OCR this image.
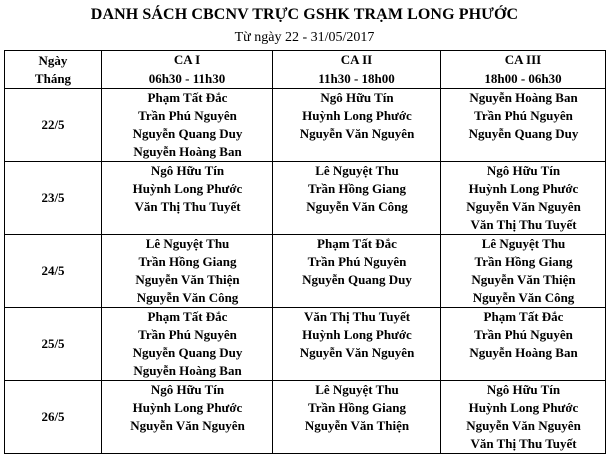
DANH SÁCH CBCNV TRỰC GSHK TRẠM LONG PHƯỚC
Từ ngày 22 - 31/05/2017
Ngày
Tháng	CA I	CA II	CA III
	06h30 - 11h30	11h30 - 18h00	18h00 - 06h30
22/5	Phạm Tất Đắc	Ngô Hữu Tín	Nguyễn Hoàng Ban
	Trần Phú Nguyên	Huỳnh Long Phước	Trần Phú Nguyên
	Nguyễn Quang Duy	Nguyễn Văn Nguyên	Nguyễn Quang Duy
	Nguyễn Hoàng Ban		
23/5	Ngô Hữu Tín	Lê Nguyệt Thu	Ngô Hữu Tín
	Huỳnh Long Phước	Trần Hồng Giang	Huỳnh Long Phước
	Văn Thị Thu Tuyết	Nguyễn Văn Công	Nguyễn Văn Nguyên
			Văn Thị Thu Tuyết
24/5	Lê Nguyệt Thu	Phạm Tất Đắc	Lê Nguyệt Thu
	Trần Hồng Giang	Trần Phú Nguyên	Trần Hồng Giang
	Nguyễn Văn Thiện	Nguyễn Quang Duy	Nguyễn Văn Thiện
	Nguyễn Văn Công		Nguyễn Văn Công
25/5	Phạm Tất Đắc	Văn Thị Thu Tuyết	Phạm Tất Đắc
	Trần Phú Nguyên	Huỳnh Long Phước	Trần Phú Nguyên
	Nguyễn Quang Duy	Nguyễn Văn Nguyên	Nguyễn Hoàng Ban
	Nguyễn Hoàng Ban		
26/5	Ngô Hữu Tín	Lê Nguyệt Thu	Ngô Hữu Tín
	Huỳnh Long Phước	Trần Hồng Giang	Huỳnh Long Phước
	Nguyễn Văn Nguyên	Nguyễn Văn Thiện	Nguyễn Văn Nguyên
			Văn Thị Thu Tuyết
